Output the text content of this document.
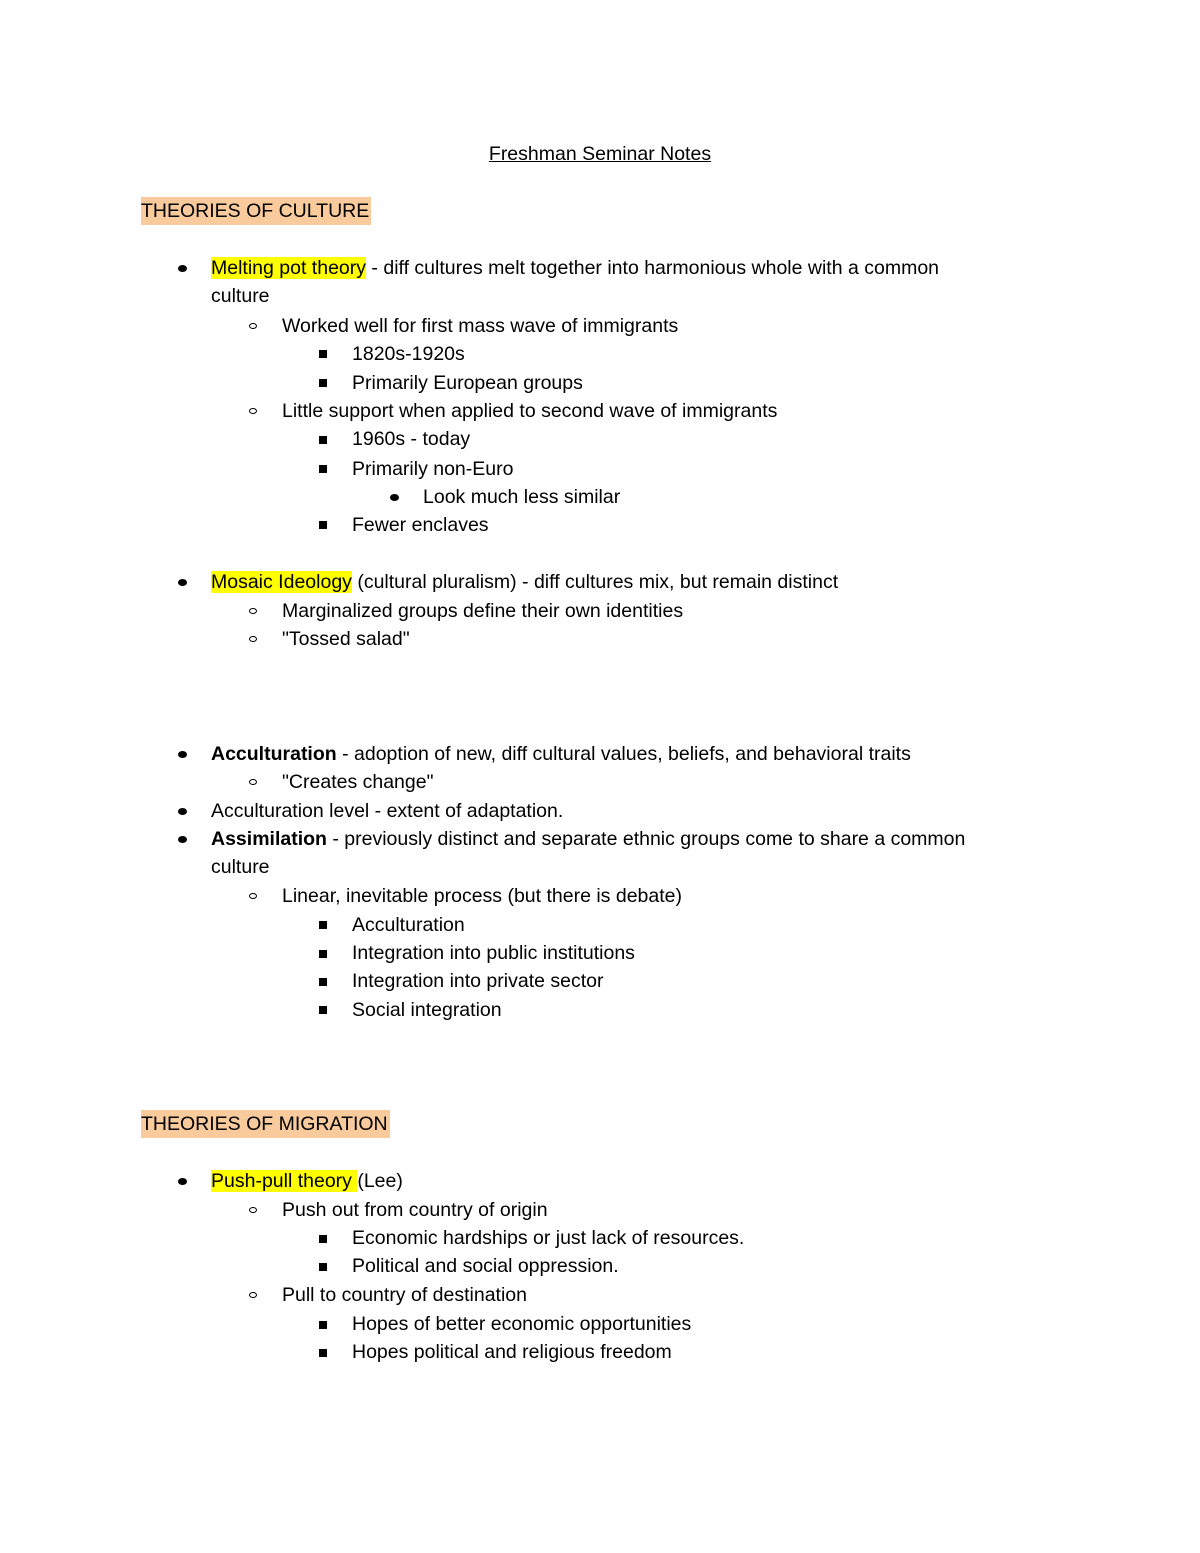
Freshman Seminar Notes
THEORIES OF CULTURE
Melting pot theory - diff cultures melt together into harmonious whole with a common
culture
Worked well for first mass wave of immigrants
1820s-1920s
Primarily European groups
Little support when applied to second wave of immigrants
1960s - today
Primarily non-Euro
Look much less similar
Fewer enclaves
Mosaic Ideology (cultural pluralism) - diff cultures mix, but remain distinct
Marginalized groups define their own identities
"Tossed salad"
Acculturation - adoption of new, diff cultural values, beliefs, and behavioral traits
"Creates change"
Acculturation level - extent of adaptation.
Assimilation - previously distinct and separate ethnic groups come to share a common
culture
Linear, inevitable process (but there is debate)
Acculturation
Integration into public institutions
Integration into private sector
Social integration
THEORIES OF MIGRATION
Push-pull theory (Lee)
Push out from country of origin
Economic hardships or just lack of resources.
Political and social oppression.
Pull to country of destination
Hopes of better economic opportunities
Hopes political and religious freedom
